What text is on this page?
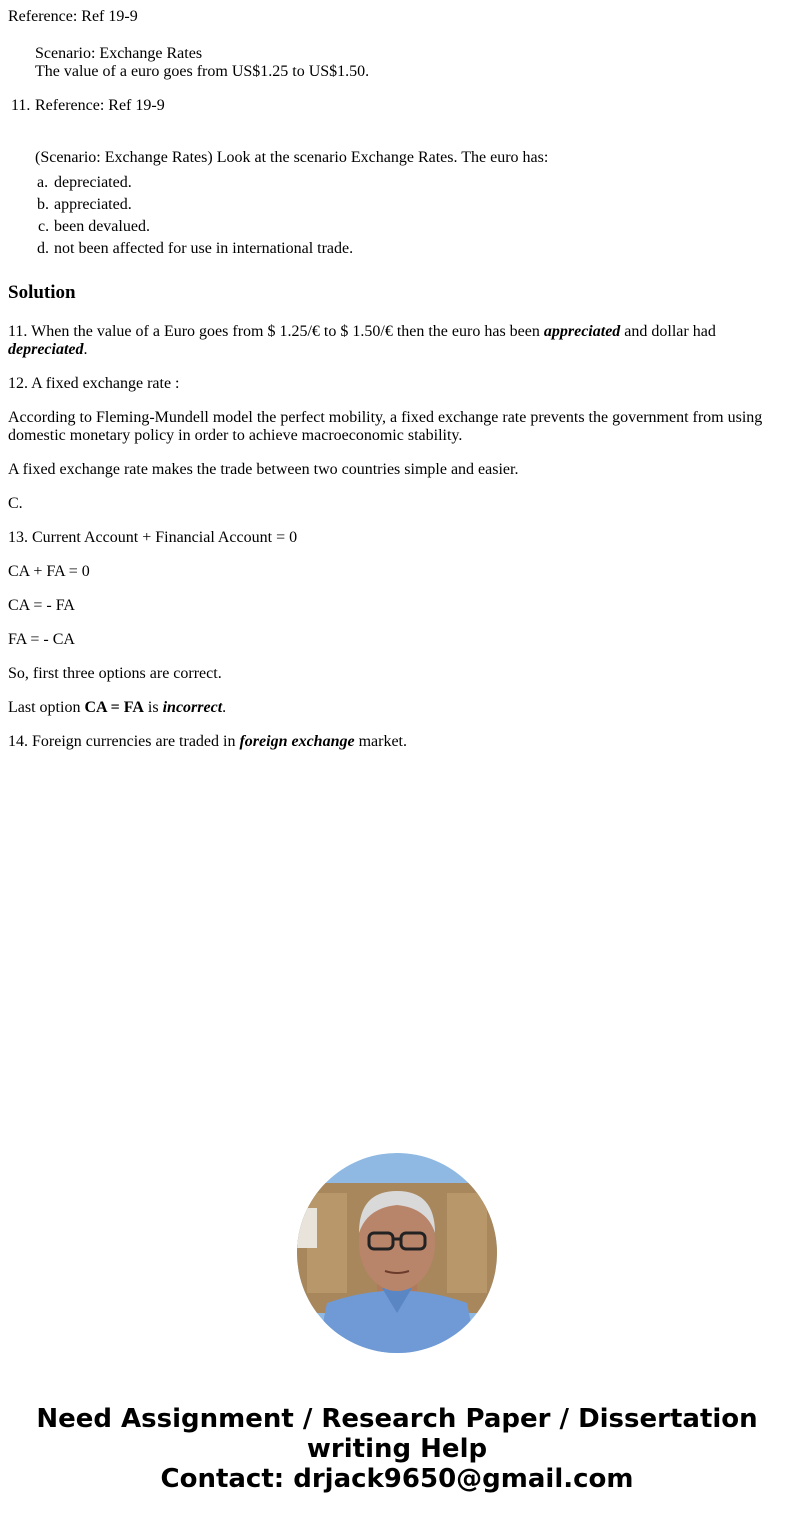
Reference: Ref 19-9

Scenario: Exchange Rates

The value of a euro goes from US$1.25 to US$1.50.

11. Reference: Ref 19-9

(Scenario: Exchange Rates) Look at the scenario Exchange Rates. The euro has:

a. depreciated.

b. appreciated.

c. been devalued.

d. not been affected for use in international trade.

Solution

11. When the value of a Euro goes from $ 1.25/€ to $ 1.50/€ then the euro has been appreciated and dollar had depreciated.

12. A fixed exchange rate :

According to Fleming-Mundell model the perfect mobility, a fixed exchange rate prevents the government from using domestic monetary policy in order to achieve macroeconomic stability.

A fixed exchange rate makes the trade between two countries simple and easier.

C.

13. Current Account + Financial Account = 0

CA + FA = 0

CA = - FA

FA = - CA

So, first three options are correct.

Last option CA = FA is incorrect.

14. Foreign currencies are traded in foreign exchange market.

Need Assignment / Research Paper / Dissertation
writing Help
Contact: drjack9650@gmail.com
